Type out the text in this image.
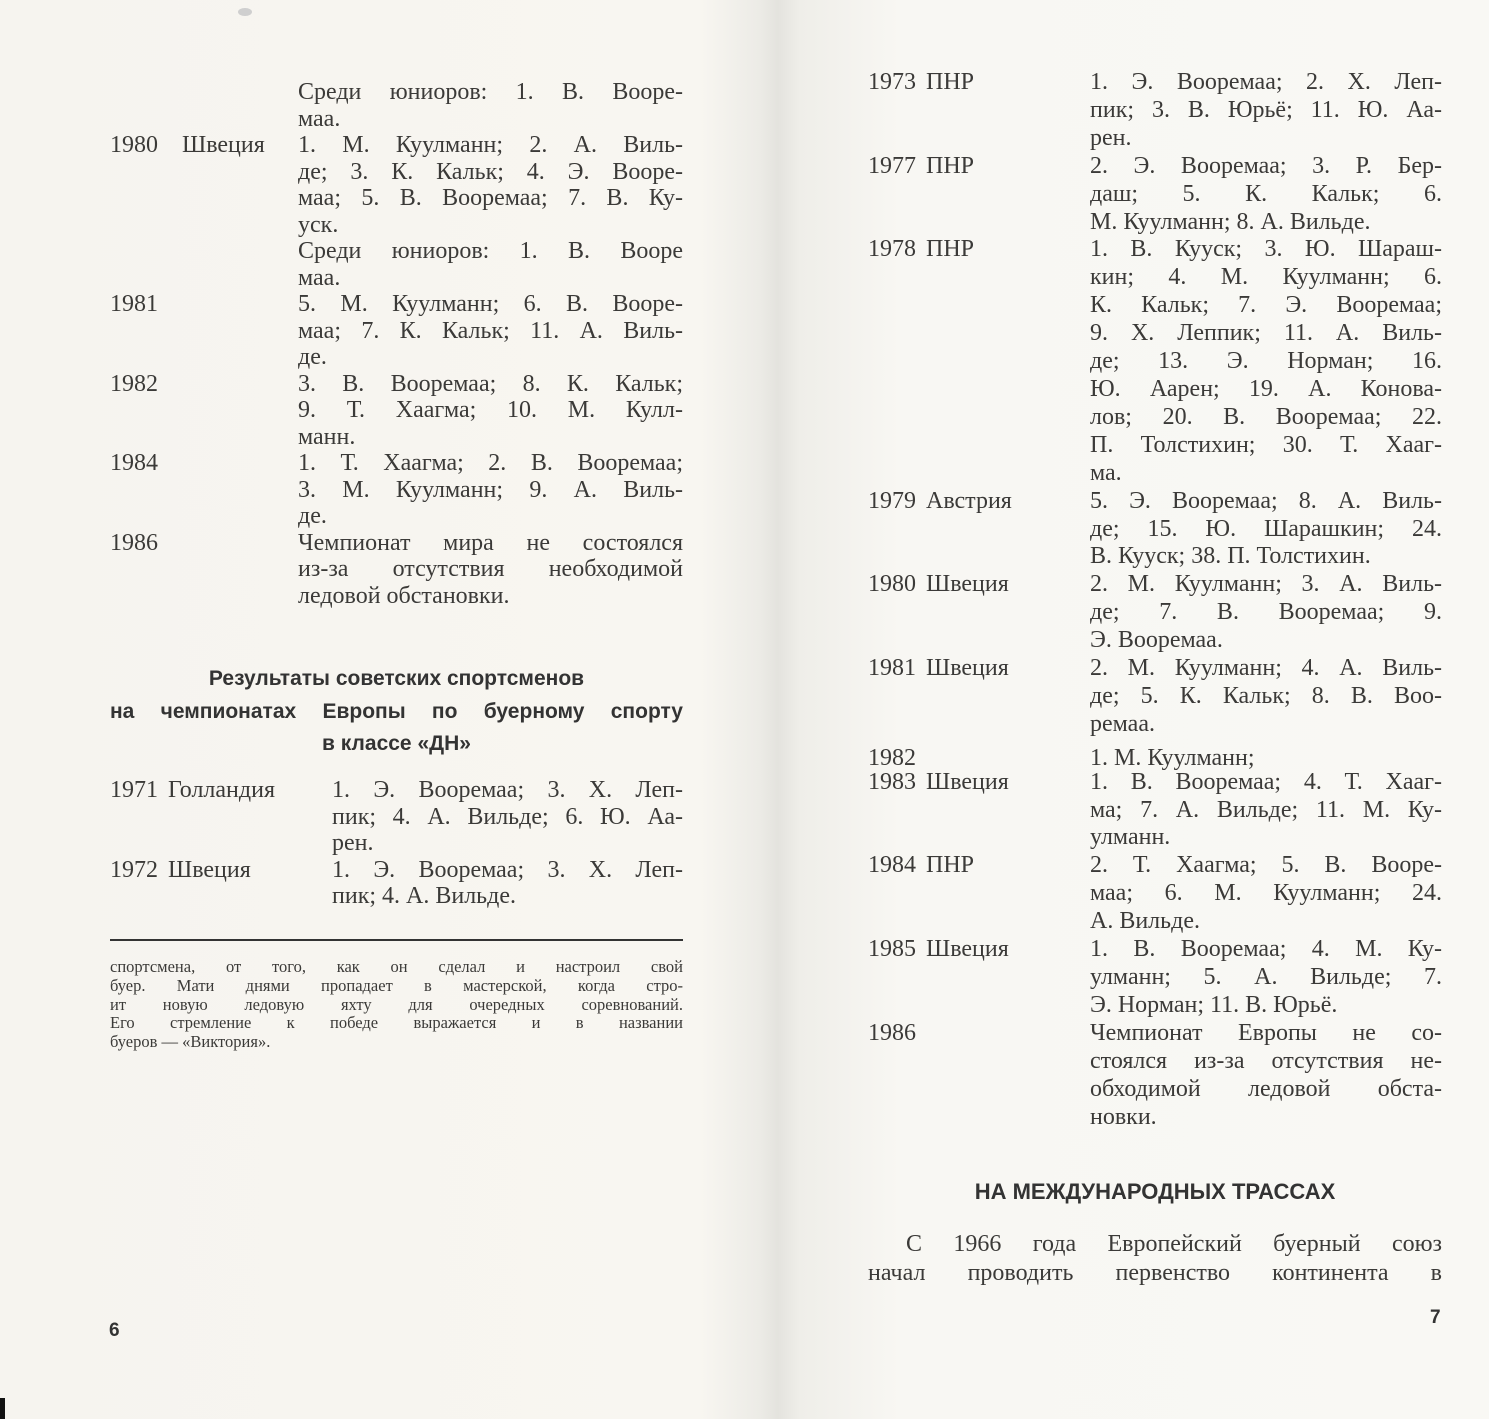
Среди юниоров: 1. В. Вооре-
маа.
1980 Швеция	1. М. Куулманн; 2. А. Виль-
де; 3. К. Кальк; 4. Э. Вооре-
маа; 5. В. Вооремаа; 7. В. Ку-
уск.
Среди юниоров: 1. В. Вооре
маа.
1981	5. М. Куулманн; 6. В. Вооре-
маа; 7. К. Кальк; 11. А. Виль-
де.
1982	3. В. Вооремаа; 8. К. Кальк;
9. Т. Хаагма; 10. М. Кулл-
манн.
1984	1. Т. Хаагма; 2. В. Вооремаа;
3. М. Куулманн; 9. А. Виль-
де.
1986	Чемпионат мира не состоялся
из-за отсутствия необходимой
ледовой обстановки.
Результаты советских спортсменов
на чемпионатах Европы по буерному спорту
в классе «ДН»
1971 Голландия	1. Э. Вооремаа; 3. Х. Леп-
пик; 4. А. Вильде; 6. Ю. Аа-
рен.
1972 Швеция	1. Э. Вооремаа; 3. Х. Леп-
пик; 4. А. Вильде.
спортсмена, от того, как он сделал и настроил свой
буер. Мати днями пропадает в мастерской, когда стро-
ит новую ледовую яхту для очередных соревнований.
Его стремление к победе выражается и в названии
буеров — «Виктория».
6
1973 ПНР	1. Э. Вооремаа; 2. Х. Леп-
пик; 3. В. Юрьё; 11. Ю. Аа-
рен.
1977 ПНР	2. Э. Вооремаа; 3. Р. Бер-
даш; 5. К. Кальк; 6.
М. Куулманн; 8. А. Вильде.
1978 ПНР	1. В. Кууск; 3. Ю. Шараш-
кин; 4. М. Куулманн; 6.
К. Кальк; 7. Э. Вооремаа;
9. Х. Леппик; 11. А. Виль-
де; 13. Э. Норман; 16.
Ю. Аарен; 19. А. Конова-
лов; 20. В. Вооремаа; 22.
П. Толстихин; 30. Т. Хааг-
ма.
1979 Австрия	5. Э. Вооремаа; 8. А. Виль-
де; 15. Ю. Шарашкин; 24.
В. Кууск; 38. П. Толстихин.
1980 Швеция	2. М. Куулманн; 3. А. Виль-
де; 7. В. Вооремаа; 9.
Э. Вооремаа.
1981 Швеция	2. М. Куулманн; 4. А. Виль-
де; 5. К. Кальк; 8. В. Воо-
ремаа.
1982	1. М. Куулманн;
1983 Швеция	1. В. Вооремаа; 4. Т. Хааг-
ма; 7. А. Вильде; 11. М. Ку-
улманн.
1984 ПНР	2. Т. Хаагма; 5. В. Вооре-
маа; 6. М. Куулманн; 24.
А. Вильде.
1985 Швеция	1. В. Вооремаа; 4. М. Ку-
улманн; 5. А. Вильде; 7.
Э. Норман; 11. В. Юрьё.
1986	Чемпионат Европы не со-
стоялся из-за отсутствия не-
обходимой ледовой обста-
новки.
НА МЕЖДУНАРОДНЫХ ТРАССАХ
С 1966 года Европейский буерный союз
начал проводить первенство континента в
7
